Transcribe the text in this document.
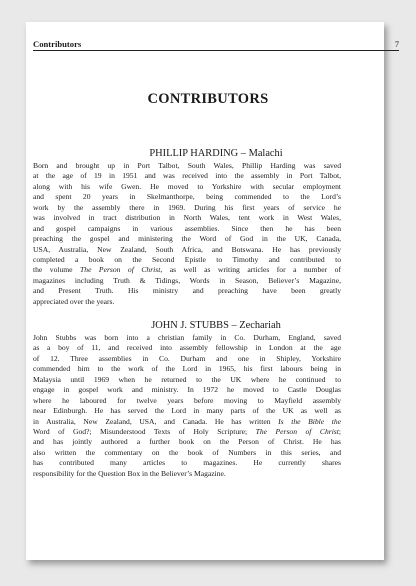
Contributors	7
CONTRIBUTORS
PHILLIP HARDING – Malachi
Born and brought up in Port Talbot, South Wales, Phillip Harding was saved
at the age of 19 in 1951 and was received into the assembly in Port Talbot,
along with his wife Gwen. He moved to Yorkshire with secular employment
and spent 20 years in Skelmanthorpe, being commended to the Lord’s
work by the assembly there in 1969. During his first years of service he
was involved in tract distribution in North Wales, tent work in West Wales,
and gospel campaigns in various assemblies. Since then he has been
preaching the gospel and ministering the Word of God in the UK, Canada,
USA, Australia, New Zealand, South Africa, and Botswana. He has previously
completed a book on the Second Epistle to Timothy and contributed to
the volume The Person of Christ, as well as writing articles for a number of
magazines including Truth & Tidings, Words in Season, Believer’s Magazine,
and Present Truth. His ministry and preaching have been greatly
appreciated over the years.
JOHN J. STUBBS – Zechariah
John Stubbs was born into a christian family in Co. Durham, England, saved
as a boy of 11, and received into assembly fellowship in London at the age
of 12. Three assemblies in Co. Durham and one in Shipley, Yorkshire
commended him to the work of the Lord in 1965, his first labours being in
Malaysia until 1969 when he returned to the UK where he continued to
engage in gospel work and ministry. In 1972 he moved to Castle Douglas
where he laboured for twelve years before moving to Mayfield assembly
near Edinburgh. He has served the Lord in many parts of the UK as well as
in Australia, New Zealand, USA, and Canada. He has written Is the Bible the
Word of God?; Misunderstood Texts of Holy Scripture; The Person of Christ;
and has jointly authored a further book on the Person of Christ. He has
also written the commentary on the book of Numbers in this series, and
has contributed many articles to magazines. He currently shares
responsibility for the Question Box in the Believer’s Magazine.
